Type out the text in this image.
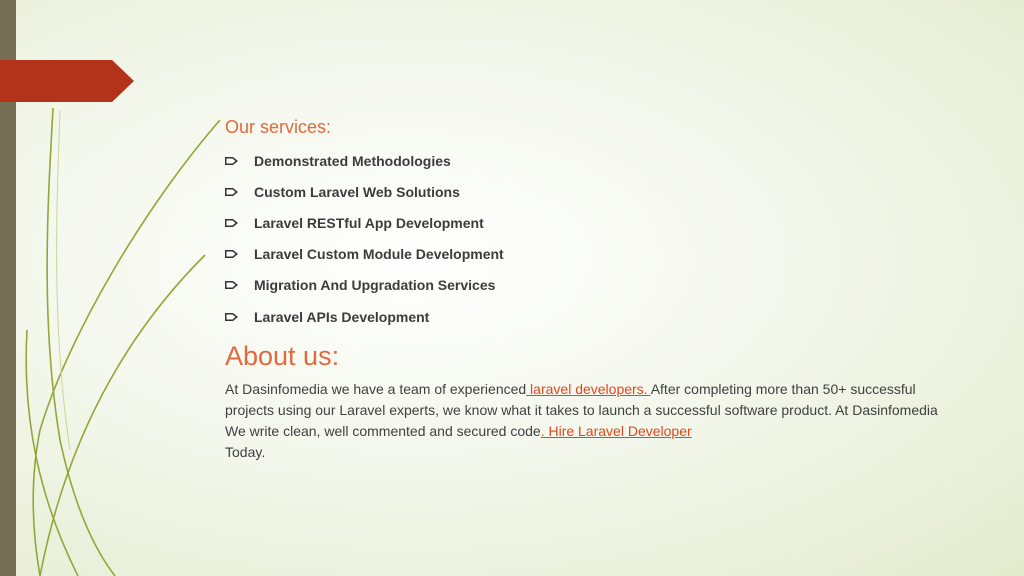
Our services:
Demonstrated Methodologies
Custom Laravel Web Solutions
Laravel RESTful App Development
Laravel Custom Module Development
Migration And Upgradation Services
Laravel APIs Development
About us:

At Dasinfomedia we have a team of experienced laravel developers. After completing more than 50+ successful projects using our Laravel experts, we know what it takes to launch a successful software product. At Dasinfomedia We write clean, well commented and secured code. Hire Laravel Developer
Today.
